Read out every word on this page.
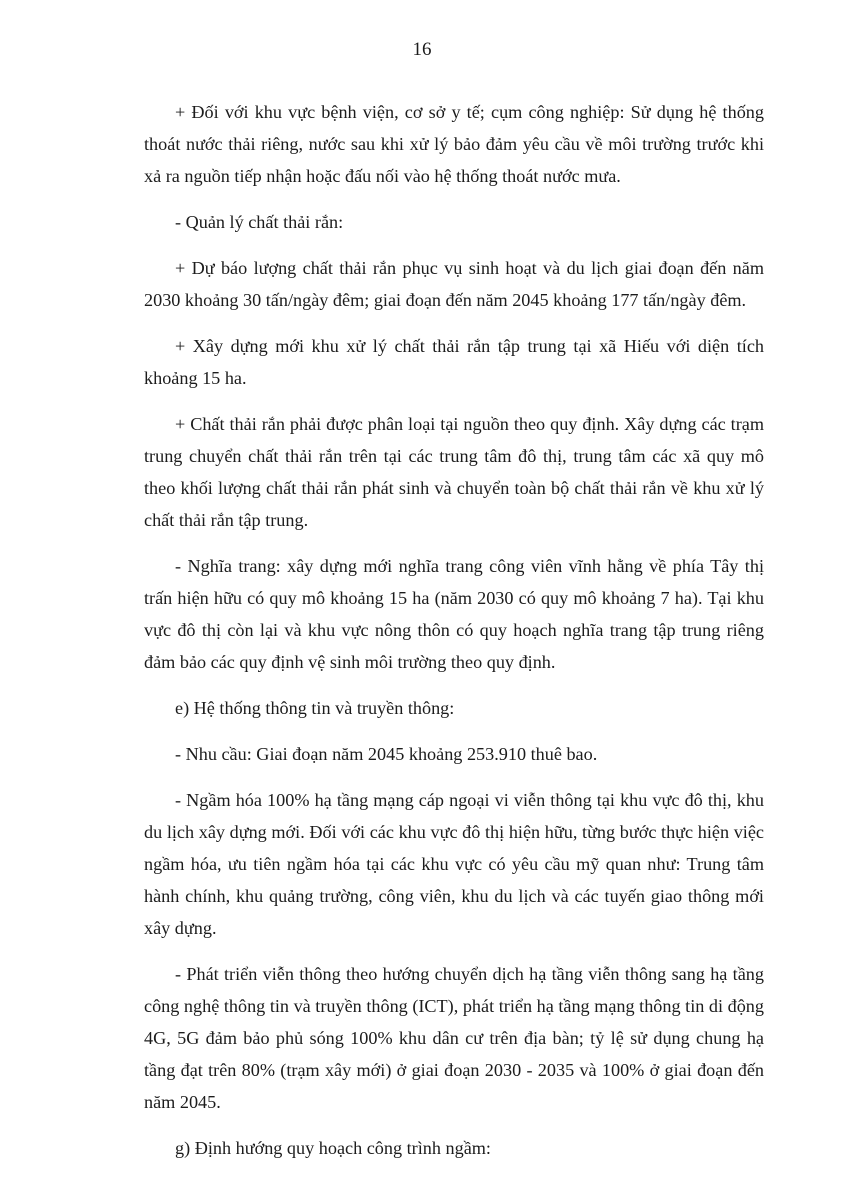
16

+ Đối với khu vực bệnh viện, cơ sở y tế; cụm công nghiệp: Sử dụng hệ thống thoát nước thải riêng, nước sau khi xử lý bảo đảm yêu cầu về môi trường trước khi xả ra nguồn tiếp nhận hoặc đấu nối vào hệ thống thoát nước mưa.

- Quản lý chất thải rắn:

+ Dự báo lượng chất thải rắn phục vụ sinh hoạt và du lịch giai đoạn đến năm 2030 khoảng 30 tấn/ngày đêm; giai đoạn đến năm 2045 khoảng 177 tấn/ngày đêm.

+ Xây dựng mới khu xử lý chất thải rắn tập trung tại xã Hiếu với diện tích khoảng 15 ha.

+ Chất thải rắn phải được phân loại tại nguồn theo quy định. Xây dựng các trạm trung chuyển chất thải rắn trên tại các trung tâm đô thị, trung tâm các xã quy mô theo khối lượng chất thải rắn phát sinh và chuyển toàn bộ chất thải rắn về khu xử lý chất thải rắn tập trung.

- Nghĩa trang: xây dựng mới nghĩa trang công viên vĩnh hằng về phía Tây thị trấn hiện hữu có quy mô khoảng 15 ha (năm 2030 có quy mô khoảng 7 ha). Tại khu vực đô thị còn lại và khu vực nông thôn có quy hoạch nghĩa trang tập trung riêng đảm bảo các quy định vệ sinh môi trường theo quy định.

e) Hệ thống thông tin và truyền thông:

- Nhu cầu: Giai đoạn năm 2045 khoảng 253.910 thuê bao.

- Ngầm hóa 100% hạ tầng mạng cáp ngoại vi viễn thông tại khu vực đô thị, khu du lịch xây dựng mới. Đối với các khu vực đô thị hiện hữu, từng bước thực hiện việc ngầm hóa, ưu tiên ngầm hóa tại các khu vực có yêu cầu mỹ quan như: Trung tâm hành chính, khu quảng trường, công viên, khu du lịch và các tuyến giao thông mới xây dựng.

- Phát triển viễn thông theo hướng chuyển dịch hạ tầng viễn thông sang hạ tầng công nghệ thông tin và truyền thông (ICT), phát triển hạ tầng mạng thông tin di động 4G, 5G đảm bảo phủ sóng 100% khu dân cư trên địa bàn; tỷ lệ sử dụng chung hạ tầng đạt trên 80% (trạm xây mới) ở giai đoạn 2030 - 2035 và 100% ở giai đoạn đến năm 2045.

g) Định hướng quy hoạch công trình ngầm:
